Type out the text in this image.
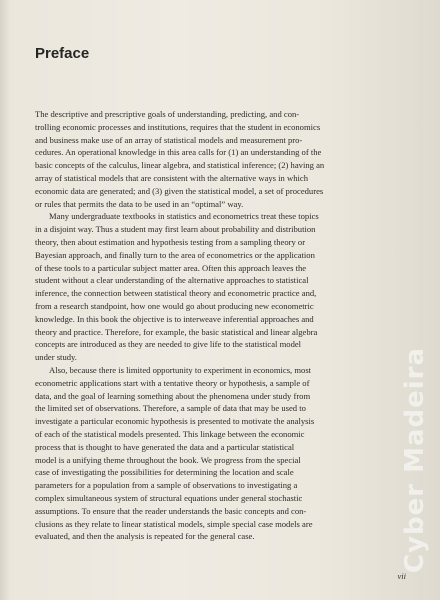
Preface

The descriptive and prescriptive goals of understanding, predicting, and con-
trolling economic processes and institutions, requires that the student in economics
and business make use of an array of statistical models and measurement pro-
cedures. An operational knowledge in this area calls for (1) an understanding of the
basic concepts of the calculus, linear algebra, and statistical inference; (2) having an
array of statistical models that are consistent with the alternative ways in which
economic data are generated; and (3) given the statistical model, a set of procedures
or rules that permits the data to be used in an “optimal” way.

Many undergraduate textbooks in statistics and econometrics treat these topics
in a disjoint way. Thus a student may first learn about probability and distribution
theory, then about estimation and hypothesis testing from a sampling theory or
Bayesian approach, and finally turn to the area of econometrics or the application
of these tools to a particular subject matter area. Often this approach leaves the
student without a clear understanding of the alternative approaches to statistical
inference, the connection between statistical theory and econometric practice and,
from a research standpoint, how one would go about producing new econometric
knowledge. In this book the objective is to interweave inferential approaches and
theory and practice. Therefore, for example, the basic statistical and linear algebra
concepts are introduced as they are needed to give life to the statistical model
under study.

Also, because there is limited opportunity to experiment in economics, most
econometric applications start with a tentative theory or hypothesis, a sample of
data, and the goal of learning something about the phenomena under study from
the limited set of observations. Therefore, a sample of data that may be used to
investigate a particular economic hypothesis is presented to motivate the analysis
of each of the statistical models presented. This linkage between the economic
process that is thought to have generated the data and a particular statistical
model is a unifying theme throughout the book. We progress from the special
case of investigating the possibilities for determining the location and scale
parameters for a population from a sample of observations to investigating a
complex simultaneous system of structural equations under general stochastic
assumptions. To ensure that the reader understands the basic concepts and con-
clusions as they relate to linear statistical models, simple special case models are
evaluated, and then the analysis is repeated for the general case.

vii
Cyber Madeira
